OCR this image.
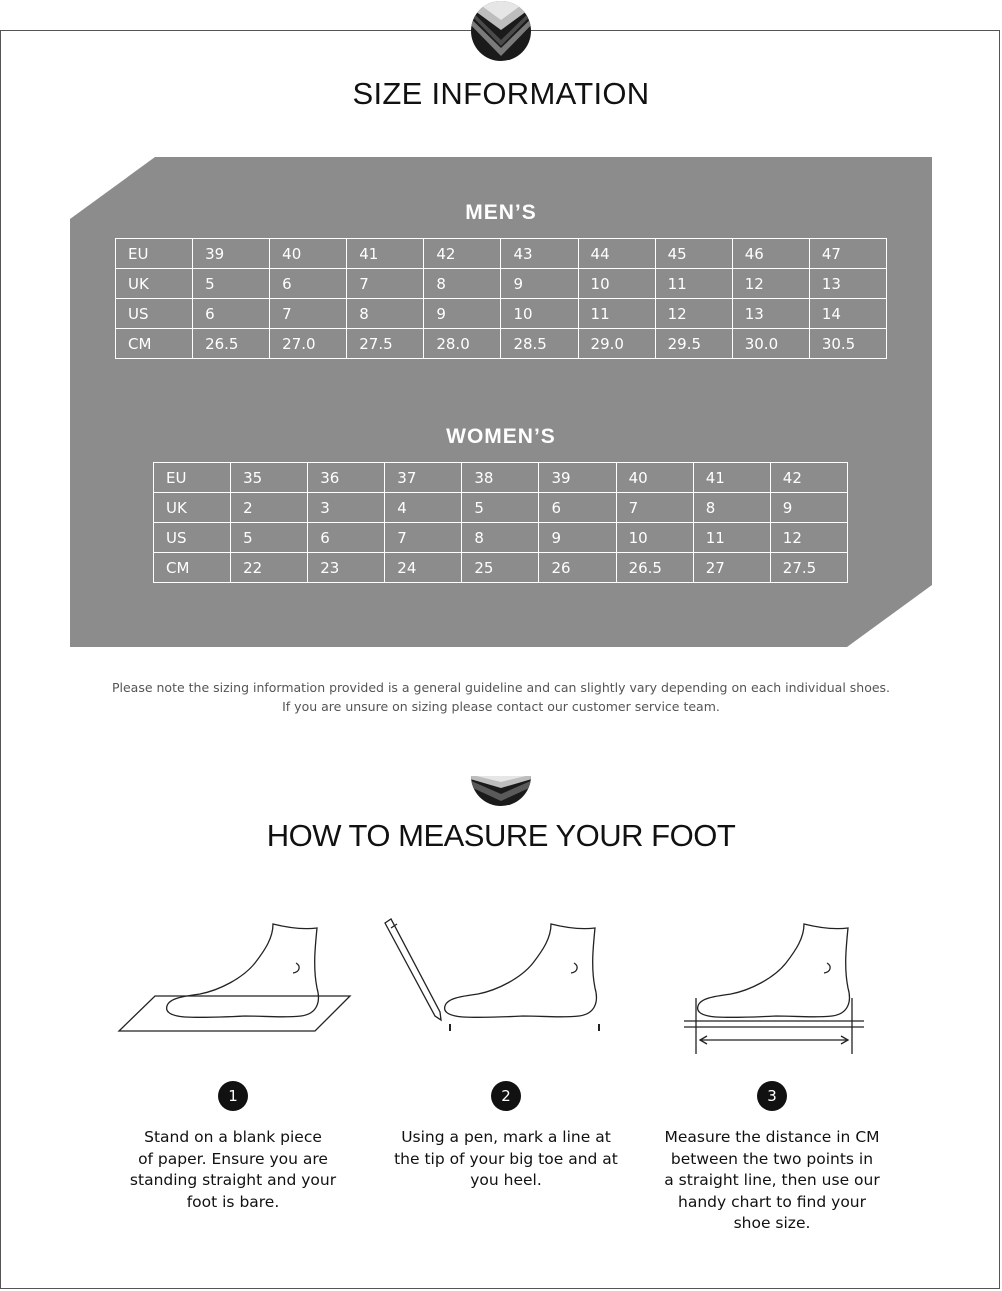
SIZE INFORMATION
MEN’S
EU	39	40	41	42	43	44	45	46	47
UK	5	6	7	8	9	10	11	12	13
US	6	7	8	9	10	11	12	13	14
CM	26.5	27.0	27.5	28.0	28.5	29.0	29.5	30.0	30.5
WOMEN’S
EU	35	36	37	38	39	40	41	42
UK	2	3	4	5	6	7	8	9
US	5	6	7	8	9	10	11	12
CM	22	23	24	25	26	26.5	27	27.5
Please note the sizing information provided is a general guideline and can slightly vary depending on each individual shoes.
If you are unsure on sizing please contact our customer service team.
HOW TO MEASURE YOUR FOOT
1	2	3
Stand on a blank piece
of paper. Ensure you are
standing straight and your
foot is bare.
Using a pen, mark a line at
the tip of your big toe and at
you heel.
Measure the distance in CM
between the two points in
a straight line, then use our
handy chart to find your
shoe size.
